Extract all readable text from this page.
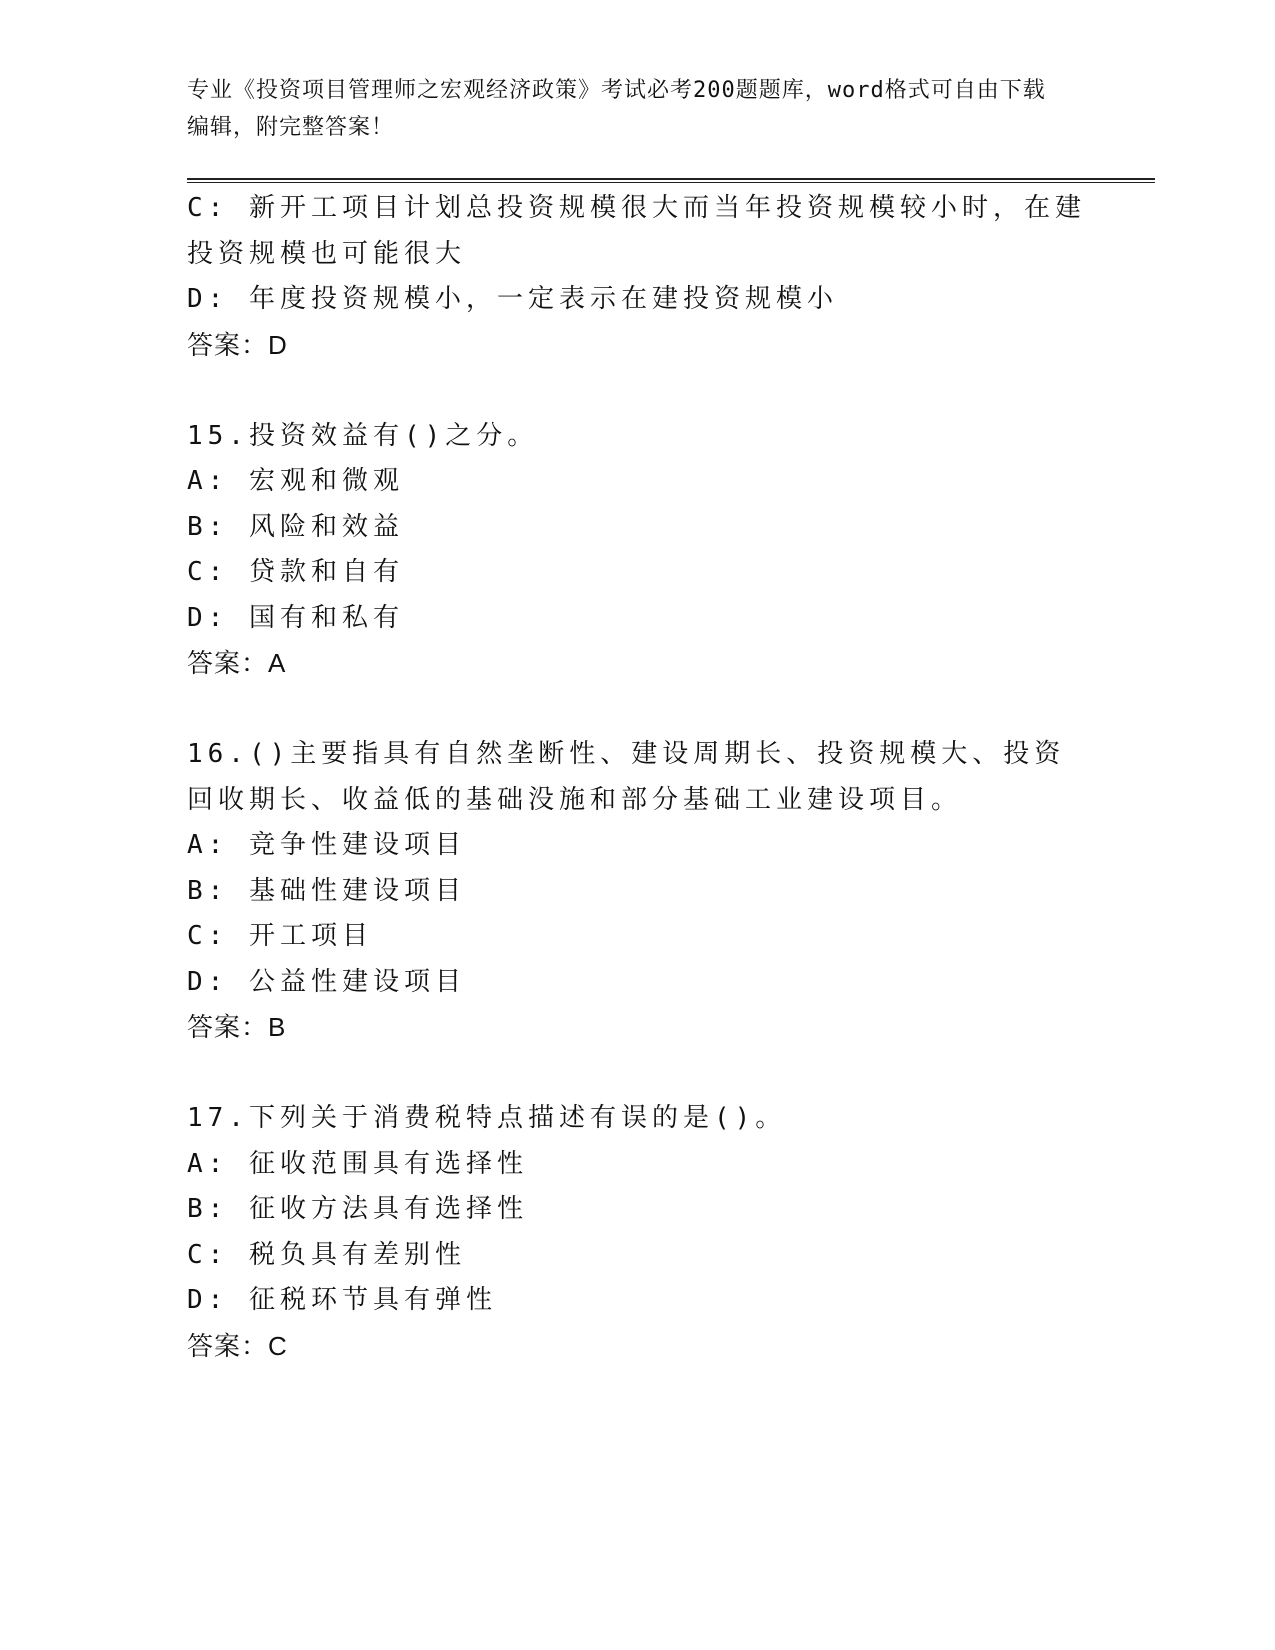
专业《投资项目管理师之宏观经济政策》考试必考200题题库，word格式可自由下载编辑，附完整答案！
C: 新开工项目计划总投资规模很大而当年投资规模较小时，在建投资规模也可能很大
D: 年度投资规模小，一定表示在建投资规模小
答案：D
15.投资效益有()之分。
A: 宏观和微观
B: 风险和效益
C: 贷款和自有
D: 国有和私有
答案：A
16.()主要指具有自然垄断性、建设周期长、投资规模大、投资回收期长、收益低的基础没施和部分基础工业建设项目。
A: 竞争性建设项目
B: 基础性建设项目
C: 开工项目
D: 公益性建设项目
答案：B
17.下列关于消费税特点描述有误的是()。
A: 征收范围具有选择性
B: 征收方法具有选择性
C: 税负具有差别性
D: 征税环节具有弹性
答案：C
